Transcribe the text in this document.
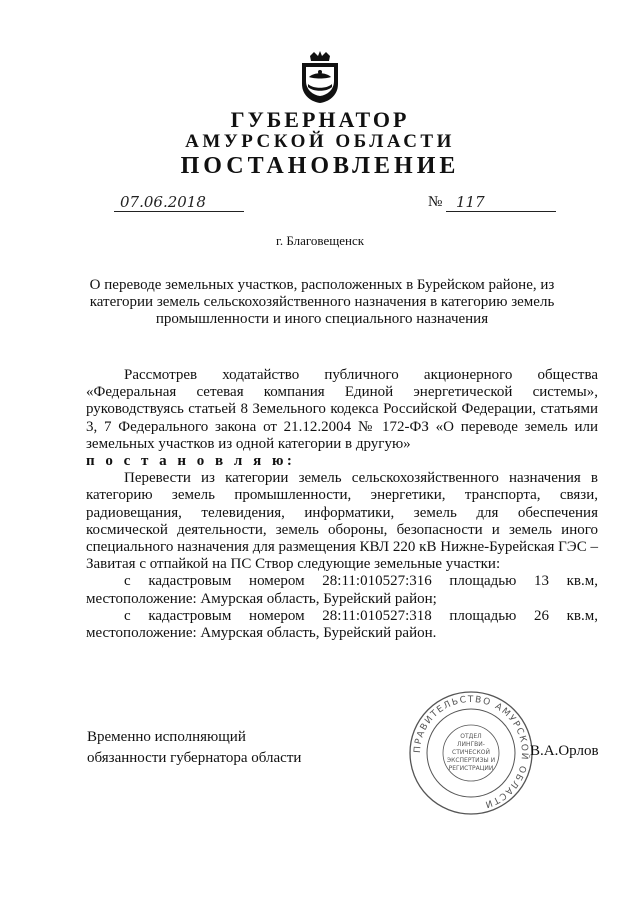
ГУБЕРНАТОР
АМУРСКОЙ ОБЛАСТИ
ПОСТАНОВЛЕНИЕ
07.06.2018	№ 117
г. Благовещенск
О переводе земельных участков, расположенных в Бурейском районе, из категории земель сельскохозяйственного назначения в категорию земель промышленности и иного специального назначения

Рассмотрев ходатайство публичного акционерного общества «Федеральная сетевая компания Единой энергетической системы», руководствуясь статьей 8 Земельного кодекса Российской Федерации, статьями 3, 7 Федерального закона от 21.12.2004 № 172-ФЗ «О переводе земель или земельных участков из одной категории в другую»

п о с т а н о в л я ю:

Перевести из категории земель сельскохозяйственного назначения в категорию земель промышленности, энергетики, транспорта, связи, радиовещания, телевидения, информатики, земель для обеспечения космической деятельности, земель обороны, безопасности и земель иного специального назначения для размещения КВЛ 220 кВ Нижне-Бурейская ГЭС – Завитая с отпайкой на ПС Створ следующие земельные участки:

с кадастровым номером 28:11:010527:316 площадью 13 кв.м, местоположение: Амурская область, Бурейский район;

с кадастровым номером 28:11:010527:318 площадью 26 кв.м, местоположение: Амурская область, Бурейский район.

ПРАВИТЕЛЬСТВО АМУРСКОЙ ОБЛАСТИ
ОТДЕЛ
ЛИНГВИ-
СТИЧЕСКОЙ
ЭКСПЕРТИЗЫ И
РЕГИСТРАЦИИ
Временно исполняющий
обязанности губернатора области	В.А.Орлов
